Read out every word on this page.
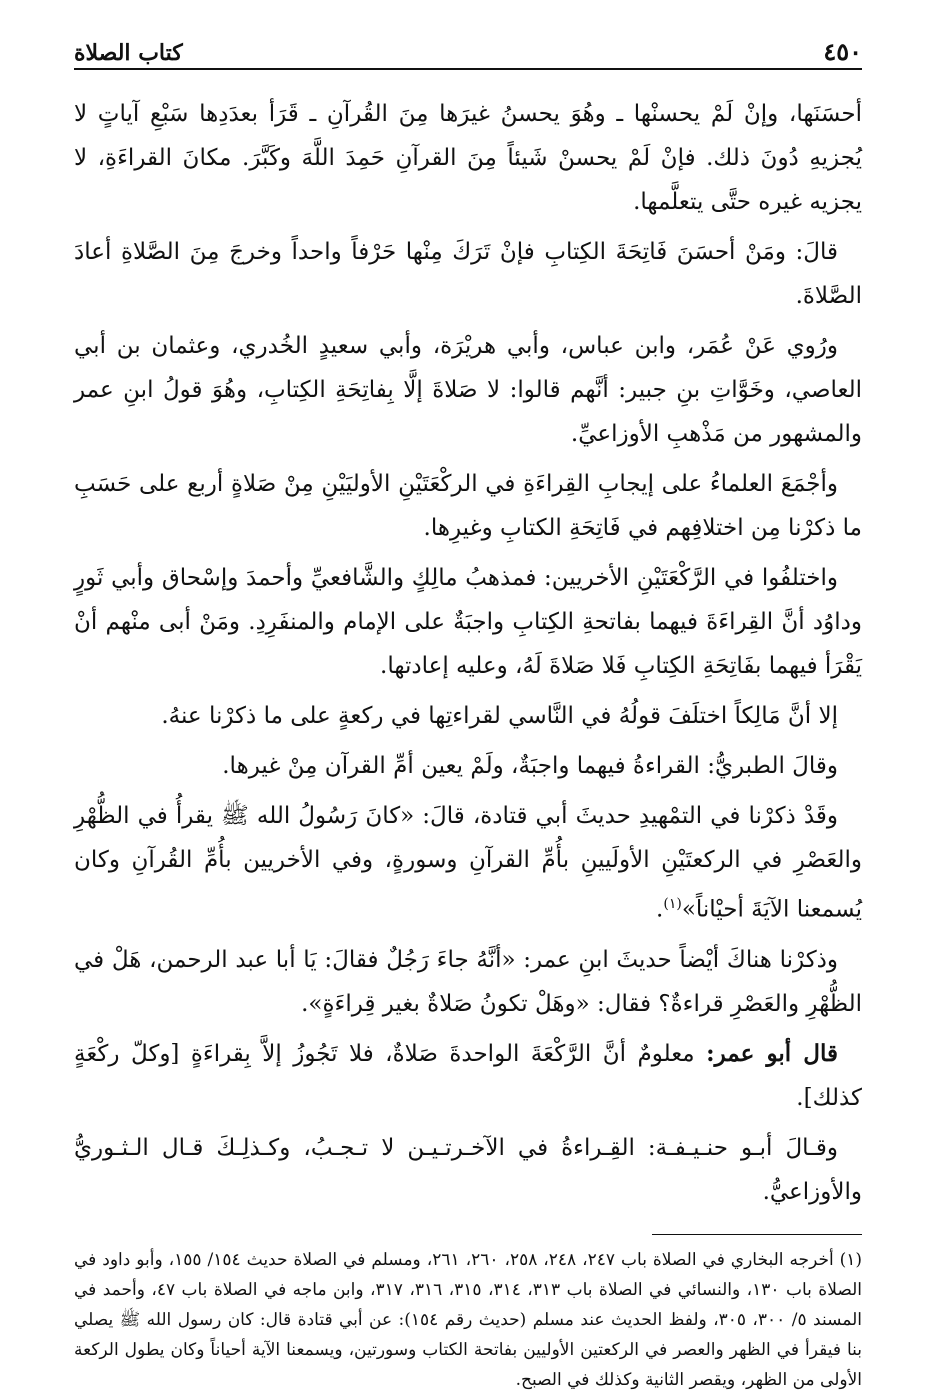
٤٥٠
كتاب الصلاة

أحسَنَها، وإنْ لَمْ يحسنْها ـ وهُوَ يحسنُ غيرَها مِنَ القُرآنِ ـ قَرَأ بعدَدِها سَبْعِ آياتٍ لا يُجزيهِ دُونَ ذلك. فإنْ لَمْ يحسنْ شَيئاً مِنَ القرآنِ حَمِدَ اللَّهَ وكَبَّرَ. مكانَ القراءَةِ، لا يجزيه غيره حتَّى يتعلَّمها.

قالَ: ومَنْ أحسَنَ فَاتِحَةَ الكِتابِ فإنْ تَرَكَ مِنْها حَرْفاً واحداً وخرجَ مِنَ الصَّلاةِ أعادَ الصَّلاةَ.

ورُوي عَنْ عُمَر، وابن عباس، وأبي هريْرَة، وأبي سعيدٍ الخُدري، وعثمان بن أبي العاصي، وخَوَّاتِ بنِ جبير: أنَّهم قالوا: لا صَلاةَ إلَّا بِفاتِحَةِ الكِتابِ، وهُوَ قولُ ابنِ عمر والمشهور من مَذْهبِ الأوزاعيِّ.

وأجْمَعَ العلماءُ على إيجابِ القِراءَةِ في الركْعَتَيْنِ الأوليَيْنِ مِنْ صَلاةٍ أربع على حَسَبِ ما ذكرْنا مِن اختلافِهم في فَاتِحَةِ الكتابِ وغيرِها.

واختلفُوا في الرَّكْعَتَيْنِ الأخريين: فمذهبُ مالِكٍ والشَّافعيِّ وأحمدَ وإسْحاق وأبي ثَورٍ وداوُد أنَّ القِراءَةَ فيهما بفاتحةِ الكِتابِ واجبَةٌ على الإمام والمنفَرِدِ. ومَنْ أبى منْهم أنْ يَقْرَأ فيهما بفَاتِحَةِ الكِتابِ فَلا صَلاةَ لَهُ، وعليه إعادتها.

إلا أنَّ مَالِكاً اختلَفَ قولُهُ في النَّاسي لقراءتِها في ركعةٍ على ما ذكرْنا عنهُ.

وقالَ الطبريُّ: القراءةُ فيهما واجبَةٌ، ولَمْ يعين أمِّ القرآن مِنْ غيرها.

وقَدْ ذكرْنا في التمْهيدِ حديثَ أبي قتادة، قالَ: «كانَ رَسُولُ الله ﷺ يقرأُ في الظُّهْرِ والعَصْرِ في الركعتَيْنِ الأولَيينِ بأُمِّ القرآنِ وسورةٍ، وفي الأخريين بأُمِّ القُرآنِ وكان يُسمعنا الآيَةَ أحيْاناً»$^{(١)}$.

وذكرْنا هناكَ أيْضاً حديثَ ابنِ عمر: «أنَّهُ جاءَ رَجُلٌ فقالَ: يَا أبا عبد الرحمن، هَلْ في الظُّهْرِ والعَصْرِ قراءةٌ؟ فقال: «وهَلْ تكونُ صَلاةٌ بغير قِراءَةٍ».

قال أبو عمر: معلومٌ أنَّ الرَّكْعَةَ الواحدةَ صَلاةٌ، فلا تَجُوزُ إلاَّ بِقراءَةٍ [وكلّ ركْعَةٍ كذلك].

وقـالَ أبـو حنـيـفـة: القِـراءةُ في الآخـرتـيـن لا تـجـبُ، وكـذلِـكَ قـال الـثـوريُّ والأوزاعيُّ.

(١) أخرجه البخاري في الصلاة باب ٢٤٧، ٢٤٨، ٢٥٨، ٢٦٠، ٢٦١، ومسلم في الصلاة حديث ١٥٤/ ١٥٥، وأبو داود في الصلاة باب ١٣٠، والنسائي في الصلاة باب ٣١٣، ٣١٤، ٣١٥، ٣١٦، ٣١٧، وابن ماجه في الصلاة باب ٤٧، وأحمد في المسند ٥/ ٣٠٠، ٣٠٥، ولفظ الحديث عند مسلم (حديث رقم ١٥٤): عن أبي قتادة قال: كان رسول الله ﷺ يصلي بنا فيقرأ في الظهر والعصر في الركعتين الأوليين بفاتحة الكتاب وسورتين، ويسمعنا الآية أحياناً وكان يطول الركعة الأولى من الظهر، ويقصر الثانية وكذلك في الصبح.
